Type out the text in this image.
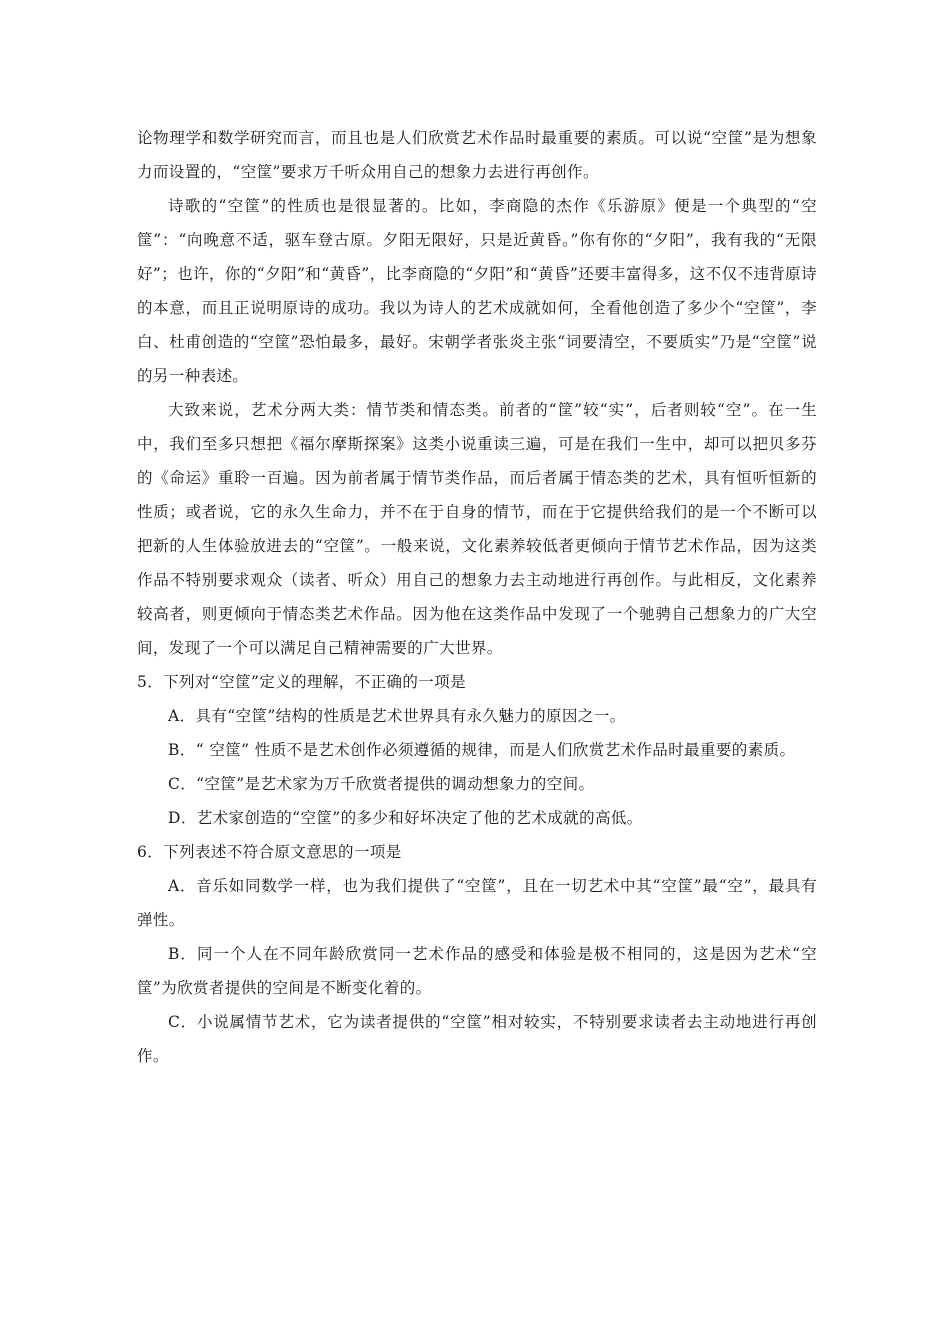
论物理学和数学研究而言，而且也是人们欣赏艺术作品时最重要的素质。可以说“空筐”是为想象力而设置的，“空筐”要求万千听众用自己的想象力去进行再创作。

诗歌的“空筐”的性质也是很显著的。比如，李商隐的杰作《乐游原》便是一个典型的“空筐”：“向晚意不适，驱车登古原。夕阳无限好，只是近黄昏。”你有你的“夕阳”，我有我的“无限好”；也许，你的“夕阳”和“黄昏”，比李商隐的“夕阳”和“黄昏”还要丰富得多，这不仅不违背原诗的本意，而且正说明原诗的成功。我以为诗人的艺术成就如何，全看他创造了多少个“空筐”，李白、杜甫创造的“空筐”恐怕最多，最好。宋朝学者张炎主张“词要清空，不要质实”乃是“空筐”说的另一种表述。

大致来说，艺术分两大类：情节类和情态类。前者的“筐”较“实”，后者则较“空”。在一生中，我们至多只想把《福尔摩斯探案》这类小说重读三遍，可是在我们一生中，却可以把贝多芬的《命运》重聆一百遍。因为前者属于情节类作品，而后者属于情态类的艺术，具有恒听恒新的性质；或者说，它的永久生命力，并不在于自身的情节，而在于它提供给我们的是一个不断可以把新的人生体验放进去的“空筐”。一般来说，文化素养较低者更倾向于情节艺术作品，因为这类作品不特别要求观众（读者、听众）用自己的想象力去主动地进行再创作。与此相反，文化素养较高者，则更倾向于情态类艺术作品。因为他在这类作品中发现了一个驰骋自己想象力的广大空间，发现了一个可以满足自己精神需要的广大世界。

5．下列对“空筐”定义的理解，不正确的一项是

A．具有“空筐”结构的性质是艺术世界具有永久魅力的原因之一。

B．“ 空筐” 性质不是艺术创作必须遵循的规律，而是人们欣赏艺术作品时最重要的素质。

C．“空筐”是艺术家为万千欣赏者提供的调动想象力的空间。

D．艺术家创造的“空筐”的多少和好坏决定了他的艺术成就的高低。

6．下列表述不符合原文意思的一项是

A．音乐如同数学一样，也为我们提供了“空筐”，且在一切艺术中其“空筐”最“空”，最具有弹性。

B．同一个人在不同年龄欣赏同一艺术作品的感受和体验是极不相同的，这是因为艺术“空筐”为欣赏者提供的空间是不断变化着的。

C．小说属情节艺术，它为读者提供的“空筐”相对较实，不特别要求读者去主动地进行再创作。
